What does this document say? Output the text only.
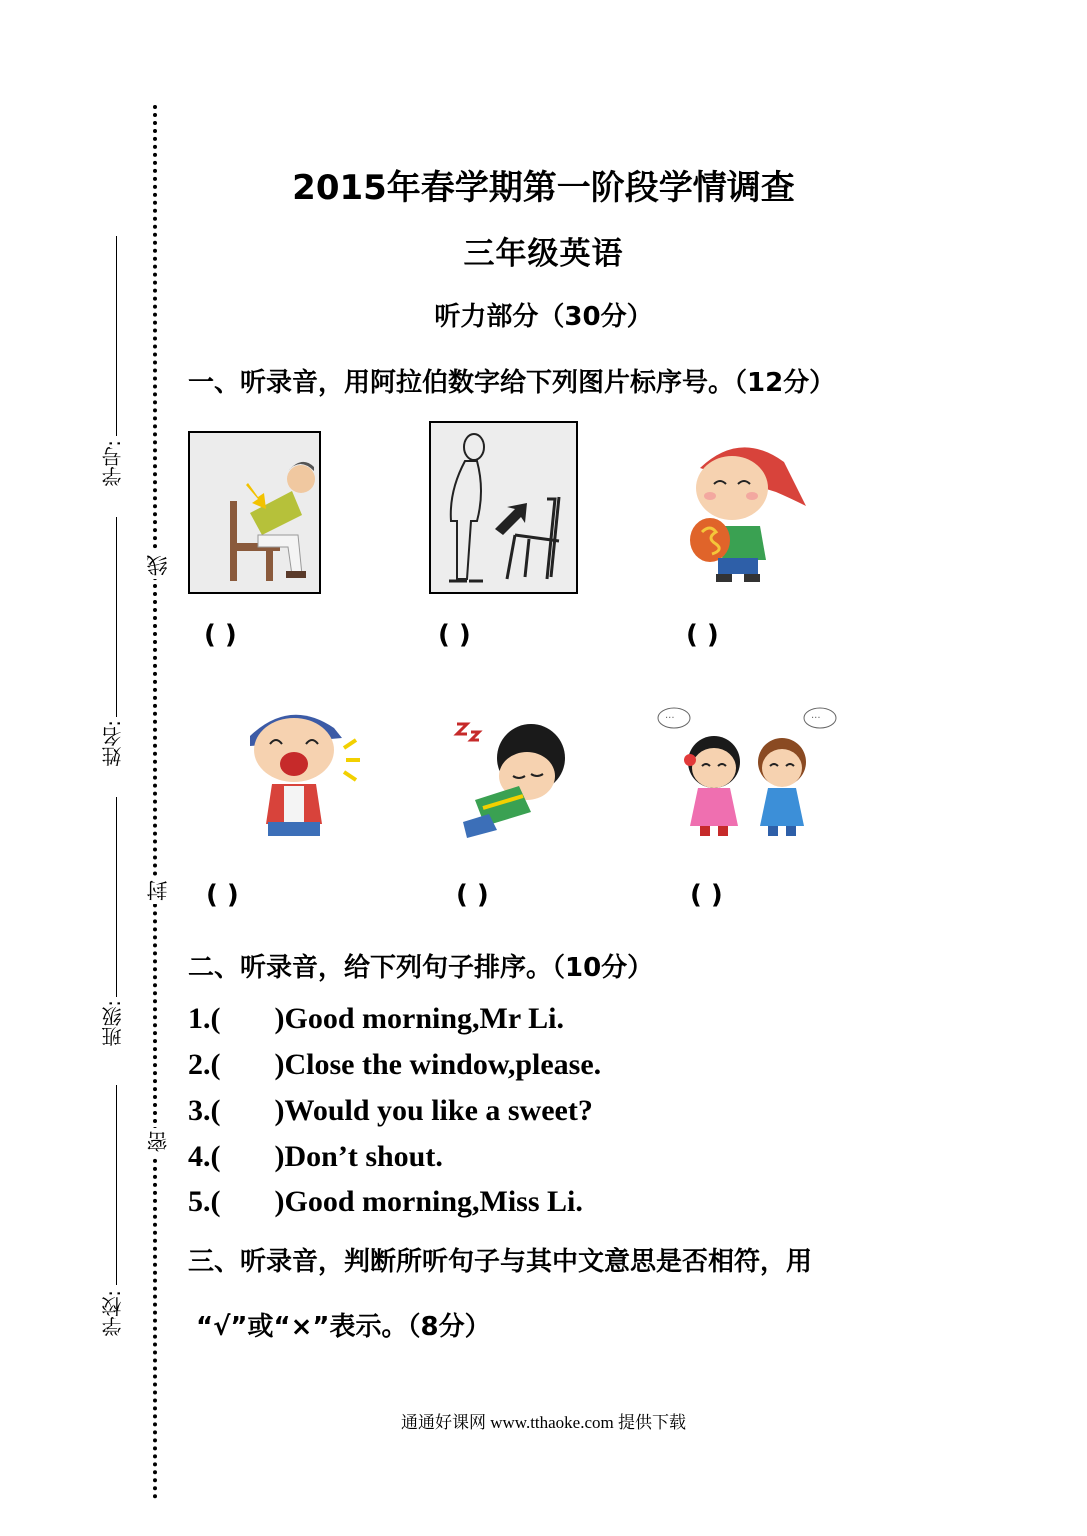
线
封
密
学号:
姓名:
班级:
学校:
2015年春学期第一阶段学情调查
三年级英语
听力部分（30分）
一、听录音，用阿拉伯数字给下列图片标序号。（12分）
( )	( )	( )
( )	( )
···	···
( )
二、听录音，给下列句子排序。（10分）
1.( )Good morning,Mr Li.
2.( )Close the window,please.
3.( )Would you like a sweet?
4.( )Don’t shout.
5.( )Good morning,Miss Li.
三、听录音，判断所听句子与其中文意思是否相符，用
“√”或“×”表示。（8分）
通通好课网 www.tthaoke.com 提供下载
